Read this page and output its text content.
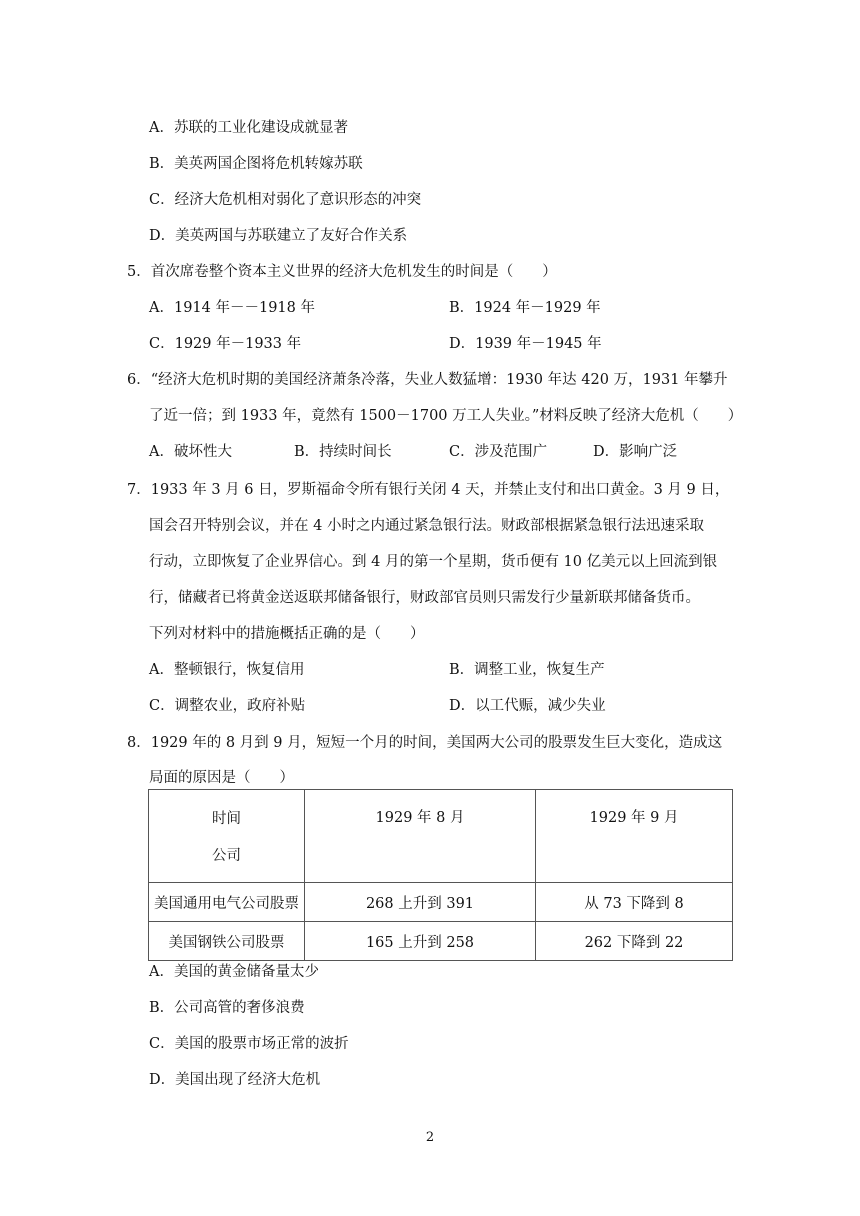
A．苏联的工业化建设成就显著
B．美英两国企图将危机转嫁苏联
C．经济大危机相对弱化了意识形态的冲突
D．美英两国与苏联建立了友好合作关系
5．首次席卷整个资本主义世界的经济大危机发生的时间是（　　）
A．1914 年－－1918 年	B．1924 年－1929 年
C．1929 年－1933 年	D．1939 年－1945 年
6．“经济大危机时期的美国经济萧条冷落，失业人数猛增：1930 年达 420 万，1931 年攀升
了近一倍；到 1933 年，竟然有 1500－1700 万工人失业。”材料反映了经济大危机（　　）
A．破坏性大	B．持续时间长	C．涉及范围广	D．影响广泛
7．1933 年 3 月 6 日，罗斯福命令所有银行关闭 4 天，并禁止支付和出口黄金。3 月 9 日，
国会召开特别会议，并在 4 小时之内通过紧急银行法。财政部根据紧急银行法迅速采取
行动，立即恢复了企业界信心。到 4 月的第一个星期，货币便有 10 亿美元以上回流到银
行，储藏者已将黄金送返联邦储备银行，财政部官员则只需发行少量新联邦储备货币。
下列对材料中的措施概括正确的是（　　）
A．整顿银行，恢复信用	B．调整工业，恢复生产
C．调整农业，政府补贴	D．以工代赈，减少失业
8．1929 年的 8 月到 9 月，短短一个月的时间，美国两大公司的股票发生巨大变化，造成这
局面的原因是（　　）
时间
公司	1929 年 8 月	1929 年 9 月
美国通用电气公司股票	268 上升到 391	从 73 下降到 8
美国钢铁公司股票	165 上升到 258	262 下降到 22
A．美国的黄金储备量太少
B．公司高管的奢侈浪费
C．美国的股票市场正常的波折
D．美国出现了经济大危机
2
